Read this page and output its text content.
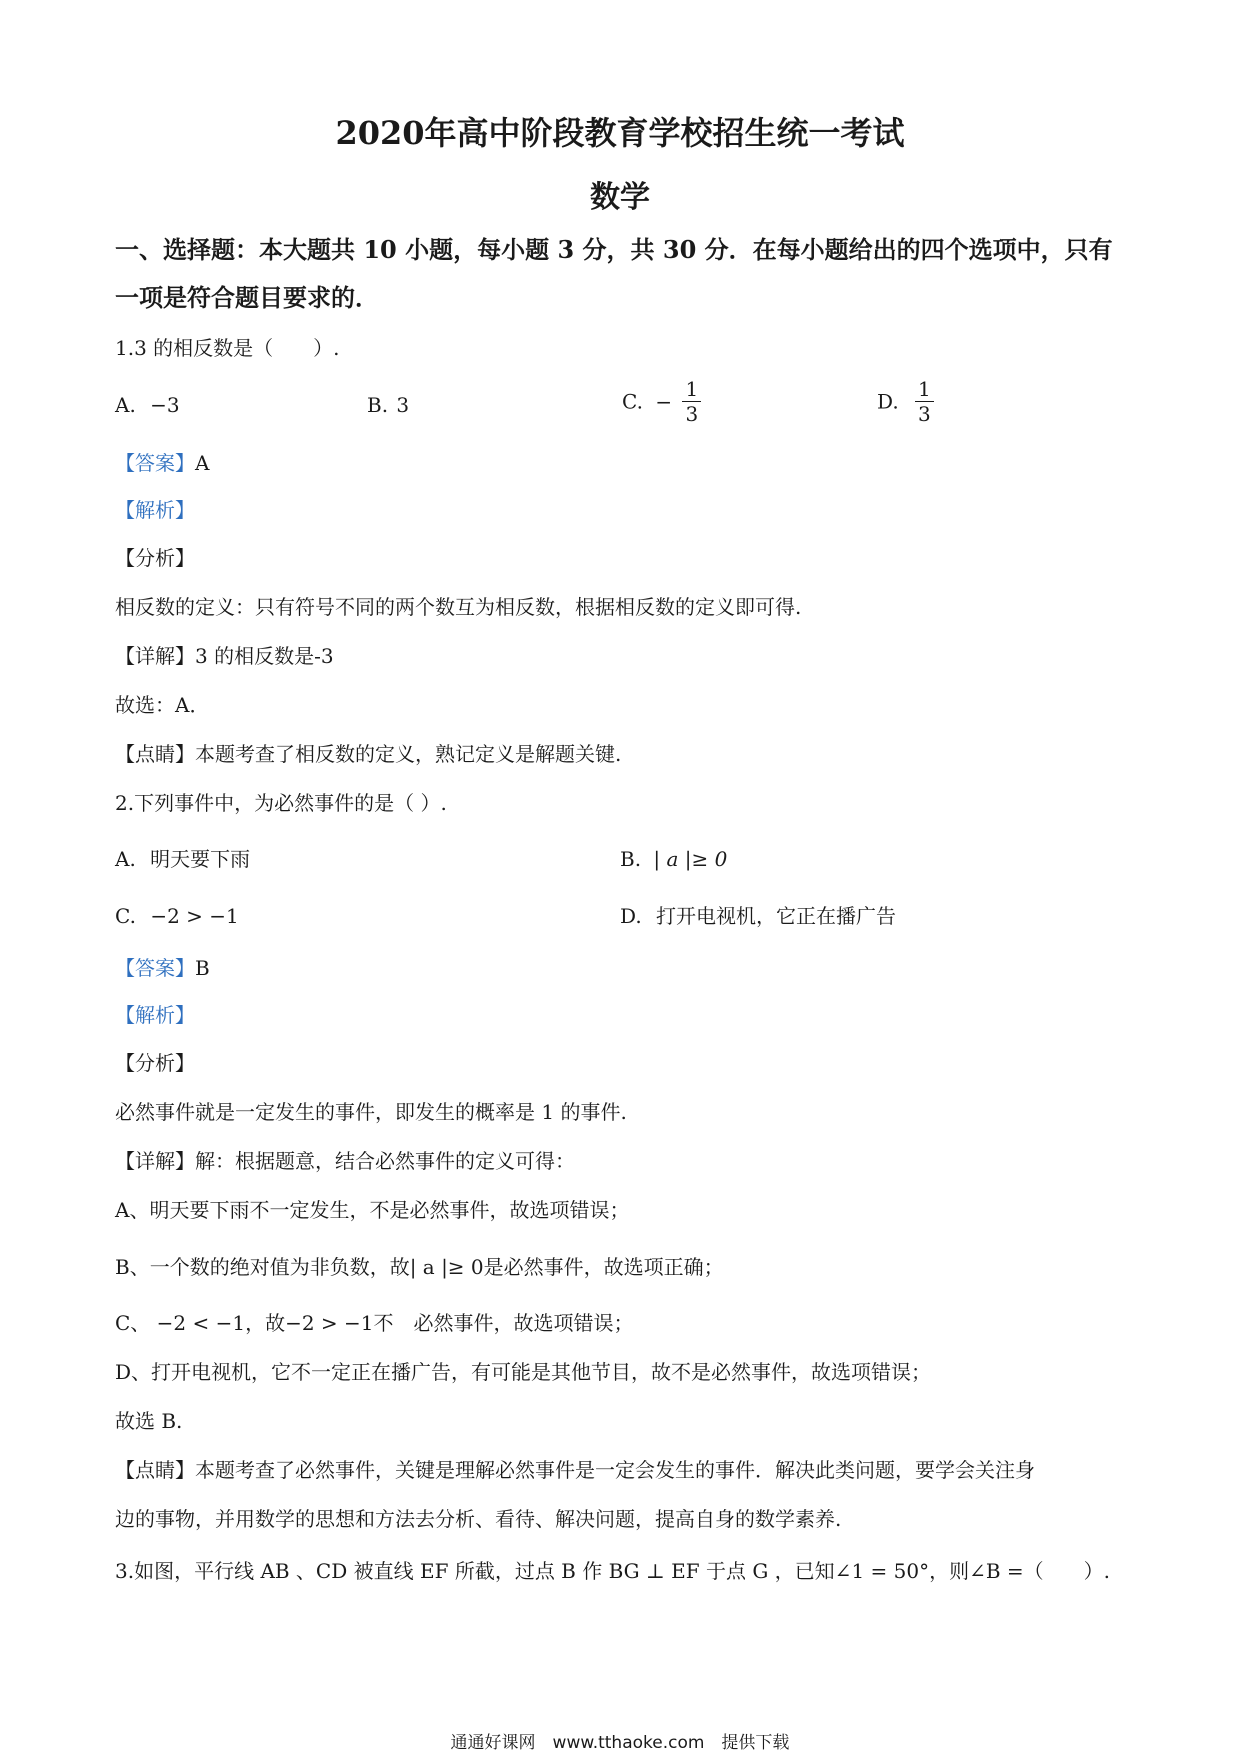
2020年高中阶段教育学校招生统一考试
数学
一、选择题：本大题共 10 小题，每小题 3 分，共 30 分．在每小题给出的四个选项中，只有
一项是符合题目要求的．
1.3 的相反数是（　　）.
A. −3	B. 3	C. − $\frac{1}{3}$	D. $\frac{1}{3}$
【答案】A
【解析】
【分析】
相反数的定义：只有符号不同的两个数互为相反数，根据相反数的定义即可得.
【详解】3 的相反数是-3
故选：A．
【点睛】本题考查了相反数的定义，熟记定义是解题关键.
2.下列事件中，为必然事件的是（ ）.
A. 明天要下雨	B. | a |≥ 0
C. −2 > −1	D. 打开电视机，它正在播广告
【答案】B
【解析】
【分析】
必然事件就是一定发生的事件，即发生的概率是 1 的事件.
【详解】解：根据题意，结合必然事件的定义可得：
A、明天要下雨不一定发生，不是必然事件，故选项错误；
B、一个数的绝对值为非负数，故| a |≥ 0是必然事件，故选项正确；
C、 −2 < −1，故−2 > −1不　必然事件，故选项错误；
D、打开电视机，它不一定正在播广告，有可能是其他节目，故不是必然事件，故选项错误；
故选 B.
【点睛】本题考查了必然事件，关键是理解必然事件是一定会发生的事件．解决此类问题，要学会关注身
边的事物，并用数学的思想和方法去分析、看待、解决问题，提高自身的数学素养.
3.如图，平行线 AB 、CD 被直线 EF 所截，过点 B 作 BG ⊥ EF 于点 G ，已知∠1 = 50°，则∠B =（　　）.
通通好课网　www.tthaoke.com　提供下载
